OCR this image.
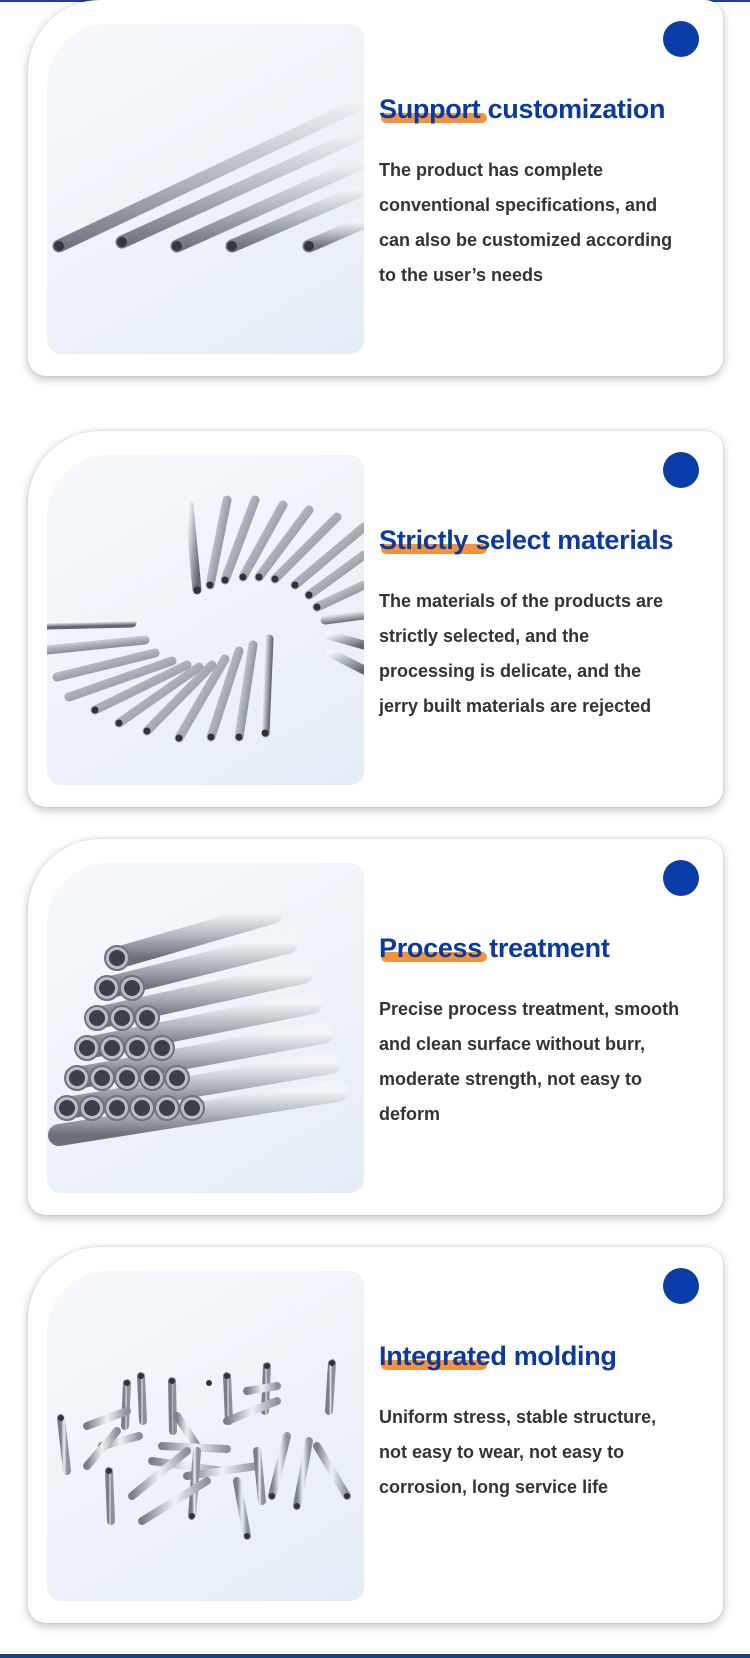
Strictly select materials
The materials of the products are strictly selected, and the processing is delicate, and the jerry built materials are rejected
Process treatment
Precise process treatment, smooth and clean surface without burr, moderate strength, not easy to deform
Integrated molding
Uniform stress, stable structure, not easy to wear, not easy to corrosion, long service life
Support customization
The product has complete conventional specifications, and can also be customized according to the user’s needs
